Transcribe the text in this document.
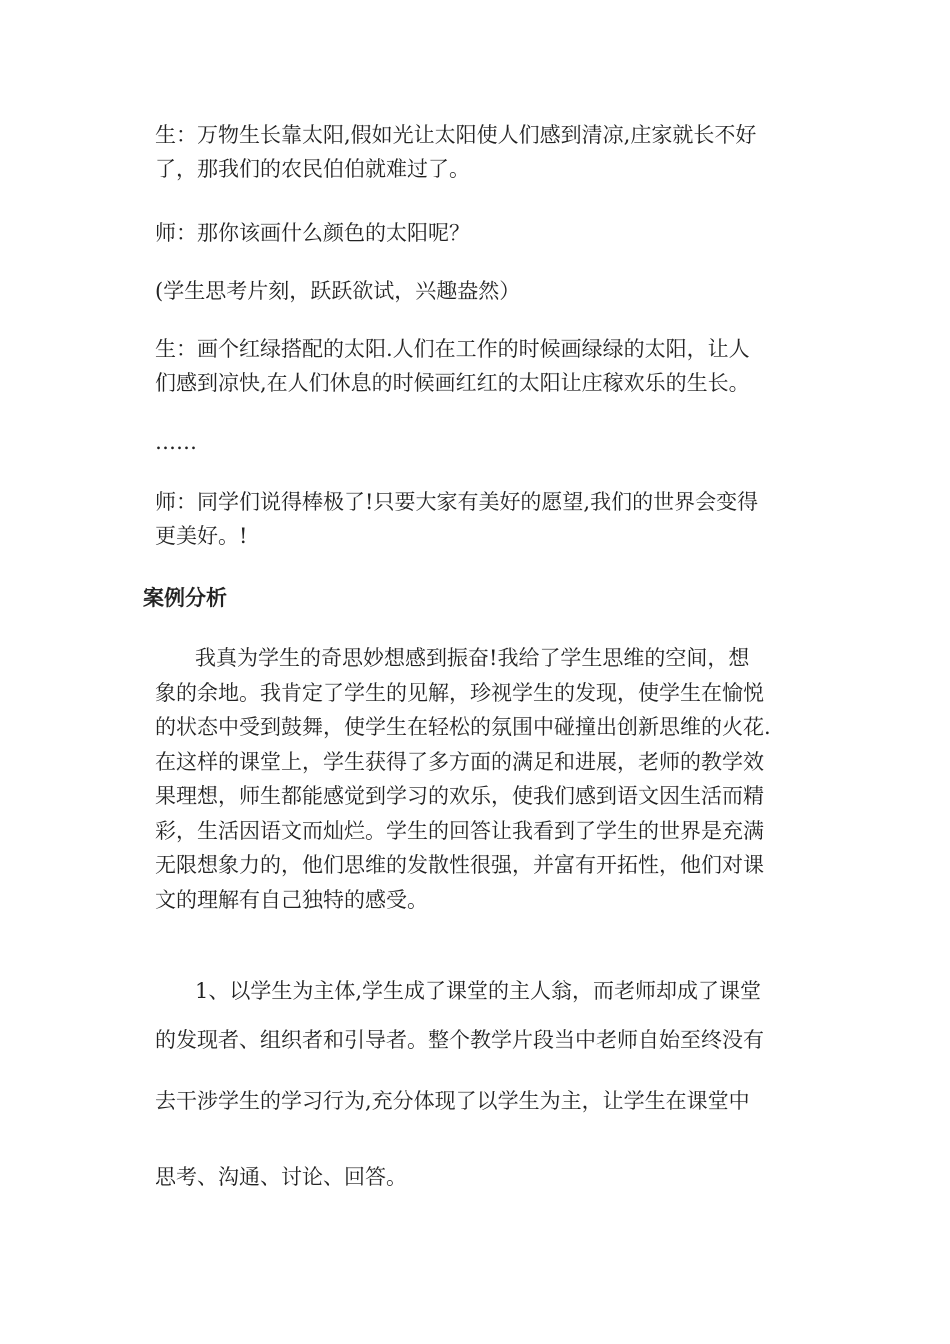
生：万物生长靠太阳,假如光让太阳使人们感到清凉,庄家就长不好
了，那我们的农民伯伯就难过了。

师：那你该画什么颜色的太阳呢？

(学生思考片刻，跃跃欲试，兴趣盎然）

生：画个红绿搭配的太阳.人们在工作的时候画绿绿的太阳，让人
们感到凉快,在人们休息的时候画红红的太阳让庄稼欢乐的生长。

……

师：同学们说得棒极了!只要大家有美好的愿望,我们的世界会变得
更美好。!

案例分析
我真为学生的奇思妙想感到振奋!我给了学生思维的空间，想
象的余地。我肯定了学生的见解，珍视学生的发现，使学生在愉悦
的状态中受到鼓舞，使学生在轻松的氛围中碰撞出创新思维的火花.
在这样的课堂上，学生获得了多方面的满足和进展，老师的教学效
果理想，师生都能感觉到学习的欢乐，使我们感到语文因生活而精
彩，生活因语文而灿烂。学生的回答让我看到了学生的世界是充满
无限想象力的，他们思维的发散性很强，并富有开拓性，他们对课
文的理解有自己独特的感受。
1、以学生为主体,学生成了课堂的主人翁，而老师却成了课堂
的发现者、组织者和引导者。整个教学片段当中老师自始至终没有
去干涉学生的学习行为,充分体现了以学生为主，让学生在课堂中
思考、沟通、讨论、回答。
